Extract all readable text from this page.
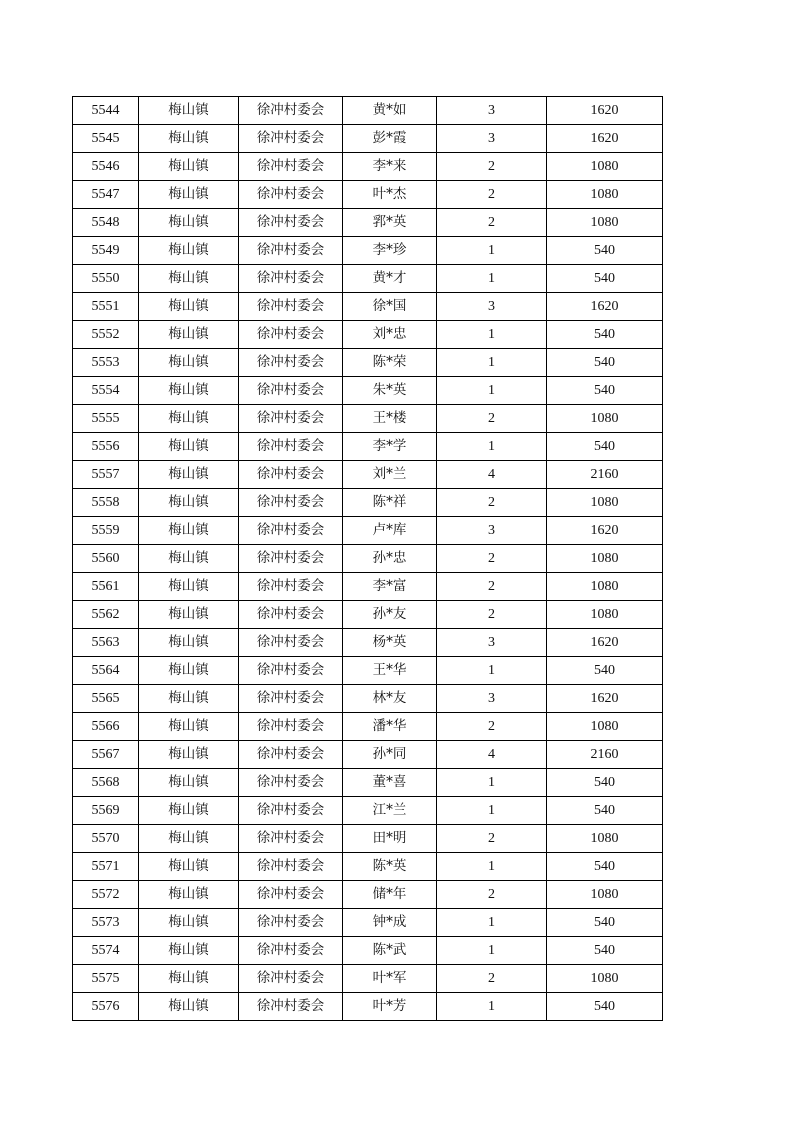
5544	梅山镇	徐冲村委会	黄*如	3	1620
5545	梅山镇	徐冲村委会	彭*霞	3	1620
5546	梅山镇	徐冲村委会	李*来	2	1080
5547	梅山镇	徐冲村委会	叶*杰	2	1080
5548	梅山镇	徐冲村委会	郛*英	2	1080
5549	梅山镇	徐冲村委会	李*珍	1	540
5550	梅山镇	徐冲村委会	黄*才	1	540
5551	梅山镇	徐冲村委会	徐*国	3	1620
5552	梅山镇	徐冲村委会	刘*忠	1	540
5553	梅山镇	徐冲村委会	陈*荣	1	540
5554	梅山镇	徐冲村委会	朱*英	1	540
5555	梅山镇	徐冲村委会	王*楼	2	1080
5556	梅山镇	徐冲村委会	李*学	1	540
5557	梅山镇	徐冲村委会	刘*兰	4	2160
5558	梅山镇	徐冲村委会	陈*祥	2	1080
5559	梅山镇	徐冲村委会	卢*库	3	1620
5560	梅山镇	徐冲村委会	孙*忠	2	1080
5561	梅山镇	徐冲村委会	李*富	2	1080
5562	梅山镇	徐冲村委会	孙*友	2	1080
5563	梅山镇	徐冲村委会	杨*英	3	1620
5564	梅山镇	徐冲村委会	王*华	1	540
5565	梅山镇	徐冲村委会	林*友	3	1620
5566	梅山镇	徐冲村委会	潘*华	2	1080
5567	梅山镇	徐冲村委会	孙*同	4	2160
5568	梅山镇	徐冲村委会	董*喜	1	540
5569	梅山镇	徐冲村委会	江*兰	1	540
5570	梅山镇	徐冲村委会	田*明	2	1080
5571	梅山镇	徐冲村委会	陈*英	1	540
5572	梅山镇	徐冲村委会	储*年	2	1080
5573	梅山镇	徐冲村委会	钟*成	1	540
5574	梅山镇	徐冲村委会	陈*武	1	540
5575	梅山镇	徐冲村委会	叶*军	2	1080
5576	梅山镇	徐冲村委会	叶*芳	1	540
